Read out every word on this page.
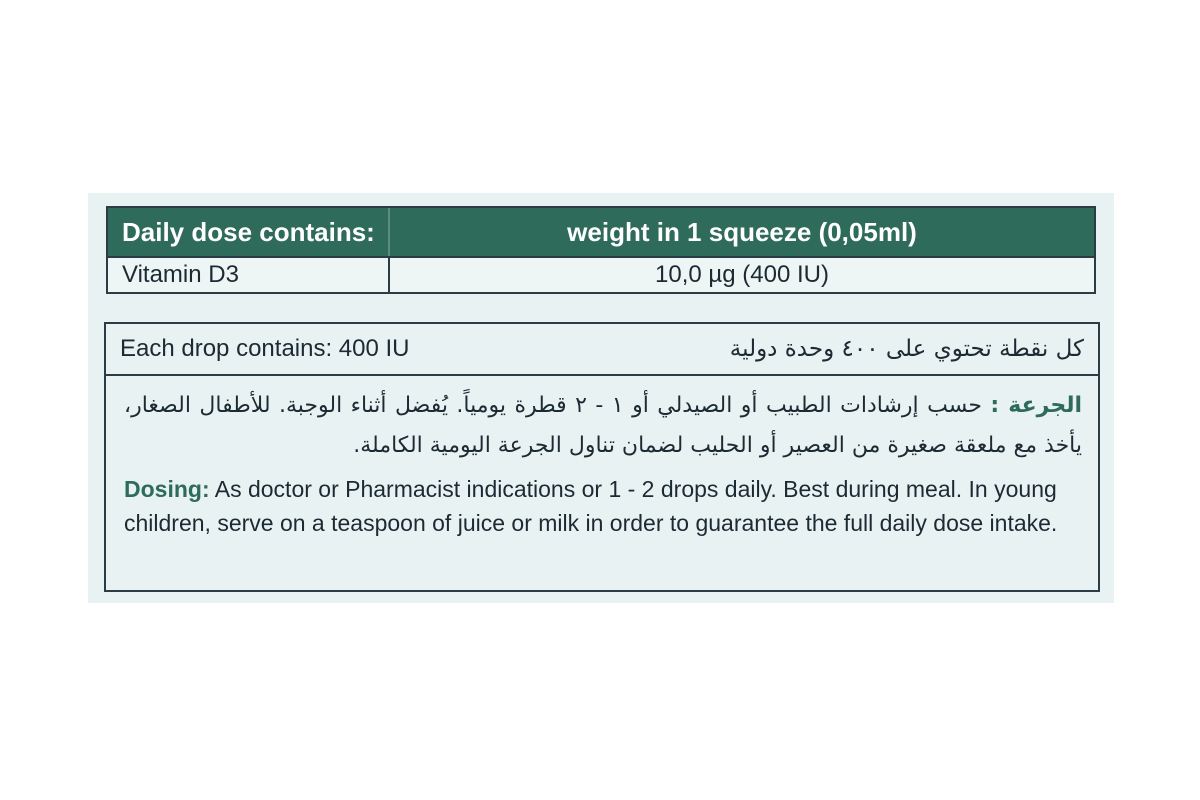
Daily dose contains:	weight in 1 squeeze (0,05ml)
Vitamin D3	10,0 µg (400 IU)
Each drop contains: 400 IU	كل نقطة تحتوي على ٤٠٠ وحدة دولية

الجرعة : حسب إرشادات الطبيب أو الصيدلي أو ١ - ٢ قطرة يومياً. يُفضل أثناء الوجبة. للأطفال الصغار، يأخذ مع ملعقة صغيرة من العصير أو الحليب لضمان تناول الجرعة اليومية الكاملة.

Dosing: As doctor or Pharmacist indications or 1 - 2 drops daily. Best during meal. In young children, serve on a teaspoon of juice or milk in order to guarantee the full daily dose intake.
